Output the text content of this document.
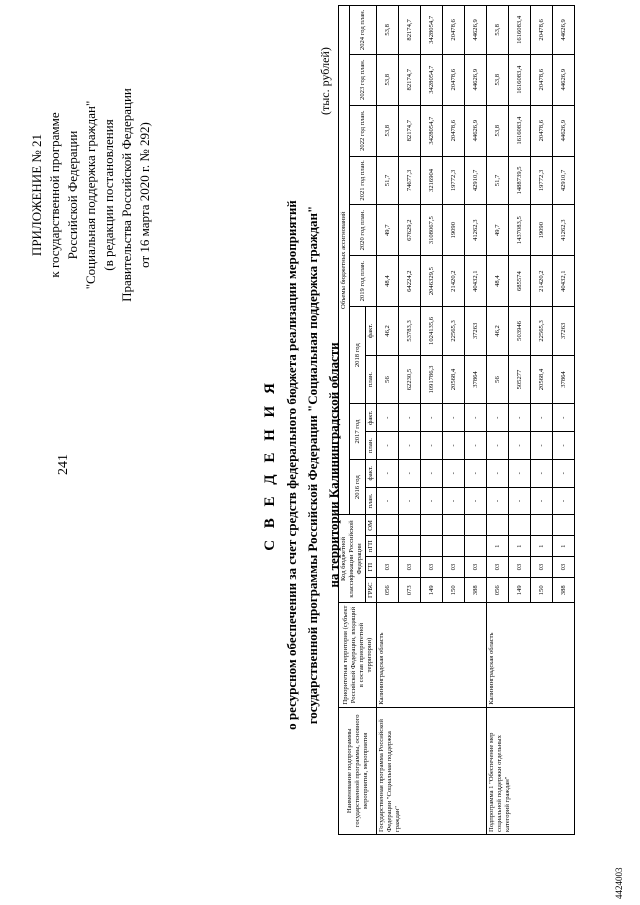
241
ПРИЛОЖЕНИЕ № 21 к государственной программе Российской Федерации "Социальная поддержка граждан" (в редакции постановления Правительства Российской Федерации от 16 марта 2020 г. № 292)
С В Е Д Е Н И Я о ресурсном обеспечении за счет средств федерального бюджета реализации мероприятий государственной программы Российской Федерации "Социальная поддержка граждан" на территории Калининградской области
(тыс. рублей)
Наименование подпрограммы государственной программы, основного мероприятия, мероприятия	Приоритетная территория (субъект Российской Федерации, входящий в состав приоритетной территории)	Код бюджетной классификации Российской Федерации				Объемы бюджетных ассигнований											
						2016 год		2017 год		2018 год		2019 год план.	2020 год план.	2021 год план.	2022 год план.	2023 год план.	2024 год план.
		ГРБС	ГП	пГП	ОМ	план.	факт.	план.	факт.	план.	факт.						
Государственная программа Российской Федерации "Социальная поддержка граждан"	Калининградская область	056	03			-	-	-	-	56	46,2	48,4	49,7	51,7	53,8	53,8	53,8
		073	03			-	-	-	-	62230,5	53783,3	64224,2	67629,2	74677,3	82174,7	82174,7	82174,7
		149	03			-	-	-	-	1091786,3	1024135,6	2046329,5	3108067,5	3216904	3428054,7	3428054,7	3428054,7
		150	03			-	-	-	-	20568,4	22565,3	21420,2	19090	19772,3	20478,6	20478,6	20478,6
		388	03			-	-	-	-	37864	37263	40432,1	41262,3	42910,7	44626,9	44626,9	44626,9
Подпрограмма 1 "Обеспечение мер социальной поддержки отдельных категорий граждан"	Калининградская область	056	03	1		-	-	-	-	56	46,2	48,4	49,7	51,7	53,8	53,8	53,8
		149	03	1		-	-	-	-	505277	503946	685574	1437083,5	1488739,5	1616083,4	1616083,4	1616083,4
		150	03	1		-	-	-	-	20568,4	22565,3	21420,2	19090	19772,3	20478,6	20478,6	20478,6
		388	03	1		-	-	-	-	37864	37263	40432,1	41262,3	42910,7	44626,9	44626,9	44626,9
4424003
